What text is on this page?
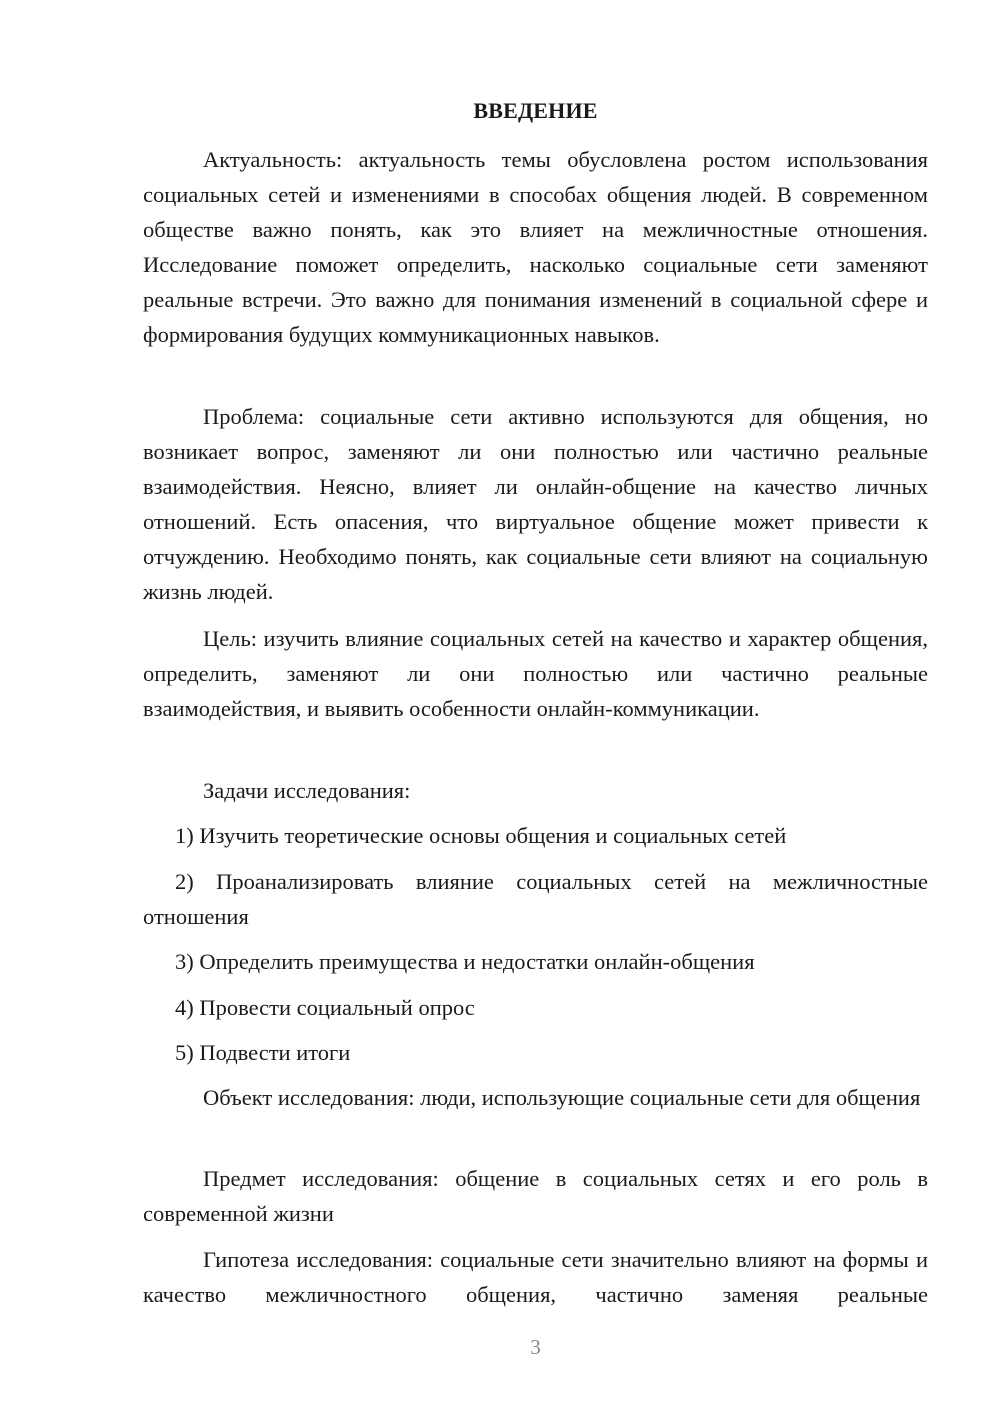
ВВЕДЕНИЕ

Актуальность: актуальность темы обусловлена ростом использования социальных сетей и изменениями в способах общения людей. В современном обществе важно понять, как это влияет на межличностные отношения. Исследование поможет определить, насколько социальные сети заменяют реальные встречи. Это важно для понимания изменений в социальной сфере и формирования будущих коммуникационных навыков.

Проблема: социальные сети активно используются для общения, но возникает вопрос, заменяют ли они полностью или частично реальные взаимодействия. Неясно, влияет ли онлайн-общение на качество личных отношений. Есть опасения, что виртуальное общение может привести к отчуждению. Необходимо понять, как социальные сети влияют на социальную жизнь людей.

Цель: изучить влияние социальных сетей на качество и характер общения, определить, заменяют ли они полностью или частично реальные взаимодействия, и выявить особенности онлайн-коммуникации.

Задачи исследования:

1) Изучить теоретические основы общения и социальных сетей

2) Проанализировать влияние социальных сетей на межличностные отношения

3) Определить преимущества и недостатки онлайн-общения

4) Провести социальный опрос

5) Подвести итоги

Объект исследования: люди, использующие социальные сети для общения

Предмет исследования: общение в социальных сетях и его роль в современной жизни

Гипотеза исследования: социальные сети значительно влияют на формы и качество межличностного общения, частично заменяя реальные

3
